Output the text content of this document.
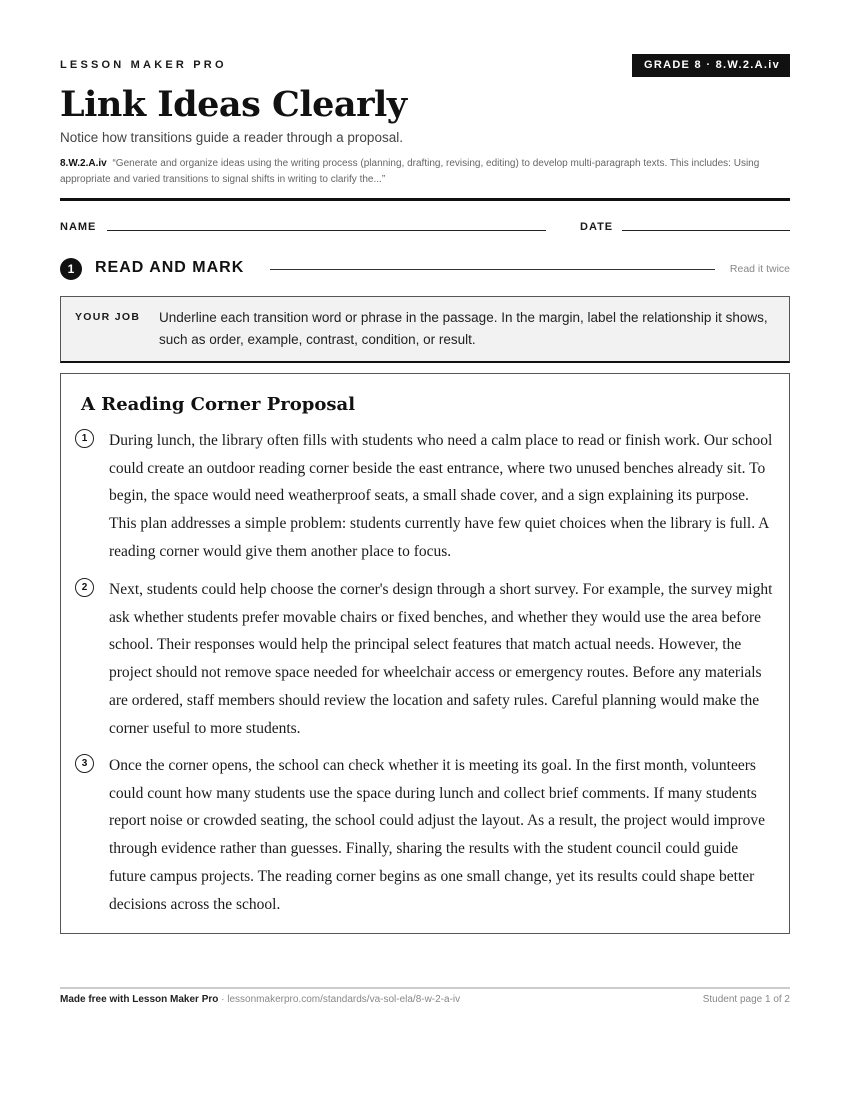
LESSON MAKER PRO	GRADE 8 · 8.W.2.A.iv
Link Ideas Clearly
Notice how transitions guide a reader through a proposal.
8.W.2.A.iv “Generate and organize ideas using the writing process (planning, drafting, revising, editing) to develop multi-paragraph texts. This includes: Using appropriate and varied transitions to signal shifts in writing to clarify the...”
NAME	DATE
1	READ AND MARK	Read it twice
YOUR JOB Underline each transition word or phrase in the passage. In the margin, label the relationship it shows, such as order, example, contrast, condition, or result.
A Reading Corner Proposal
1	During lunch, the library often fills with students who need a calm place to read or finish work. Our school could create an outdoor reading corner beside the east entrance, where two unused benches already sit. To begin, the space would need weatherproof seats, a small shade cover, and a sign explaining its purpose. This plan addresses a simple problem: students currently have few quiet choices when the library is full. A reading corner would give them another place to focus.

2	Next, students could help choose the corner's design through a short survey. For example, the survey might ask whether students prefer movable chairs or fixed benches, and whether they would use the area before school. Their responses would help the principal select features that match actual needs. However, the project should not remove space needed for wheelchair access or emergency routes. Before any materials are ordered, staff members should review the location and safety rules. Careful planning would make the corner useful to more students.

3	Once the corner opens, the school can check whether it is meeting its goal. In the first month, volunteers could count how many students use the space during lunch and collect brief comments. If many students report noise or crowded seating, the school could adjust the layout. As a result, the project would improve through evidence rather than guesses. Finally, sharing the results with the student council could guide future campus projects. The reading corner begins as one small change, yet its results could shape better decisions across the school.

Made free with Lesson Maker Pro · lessonmakerpro.com/standards/va-sol-ela/8-w-2-a-iv	Student page 1 of 2
